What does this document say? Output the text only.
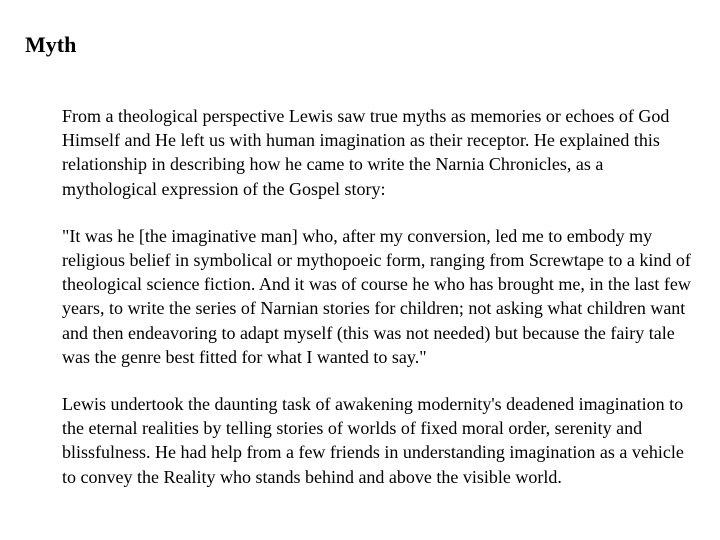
Myth

From a theological perspective Lewis saw true myths as memories or echoes of God Himself and He left us with human imagination as their receptor. He explained this relationship in describing how he came to write the Narnia Chronicles, as a mythological expression of the Gospel story:

"It was he [the imaginative man] who, after my conversion, led me to embody my religious belief in symbolical or mythopoeic form, ranging from Screwtape to a kind of theological science fiction. And it was of course he who has brought me, in the last few years, to write the series of Narnian stories for children; not asking what children want and then endeavoring to adapt myself (this was not needed) but because the fairy tale was the genre best fitted for what I wanted to say."

Lewis undertook the daunting task of awakening modernity's deadened imagination to the eternal realities by telling stories of worlds of fixed moral order, serenity and blissfulness. He had help from a few friends in understanding imagination as a vehicle to convey the Reality who stands behind and above the visible world.
